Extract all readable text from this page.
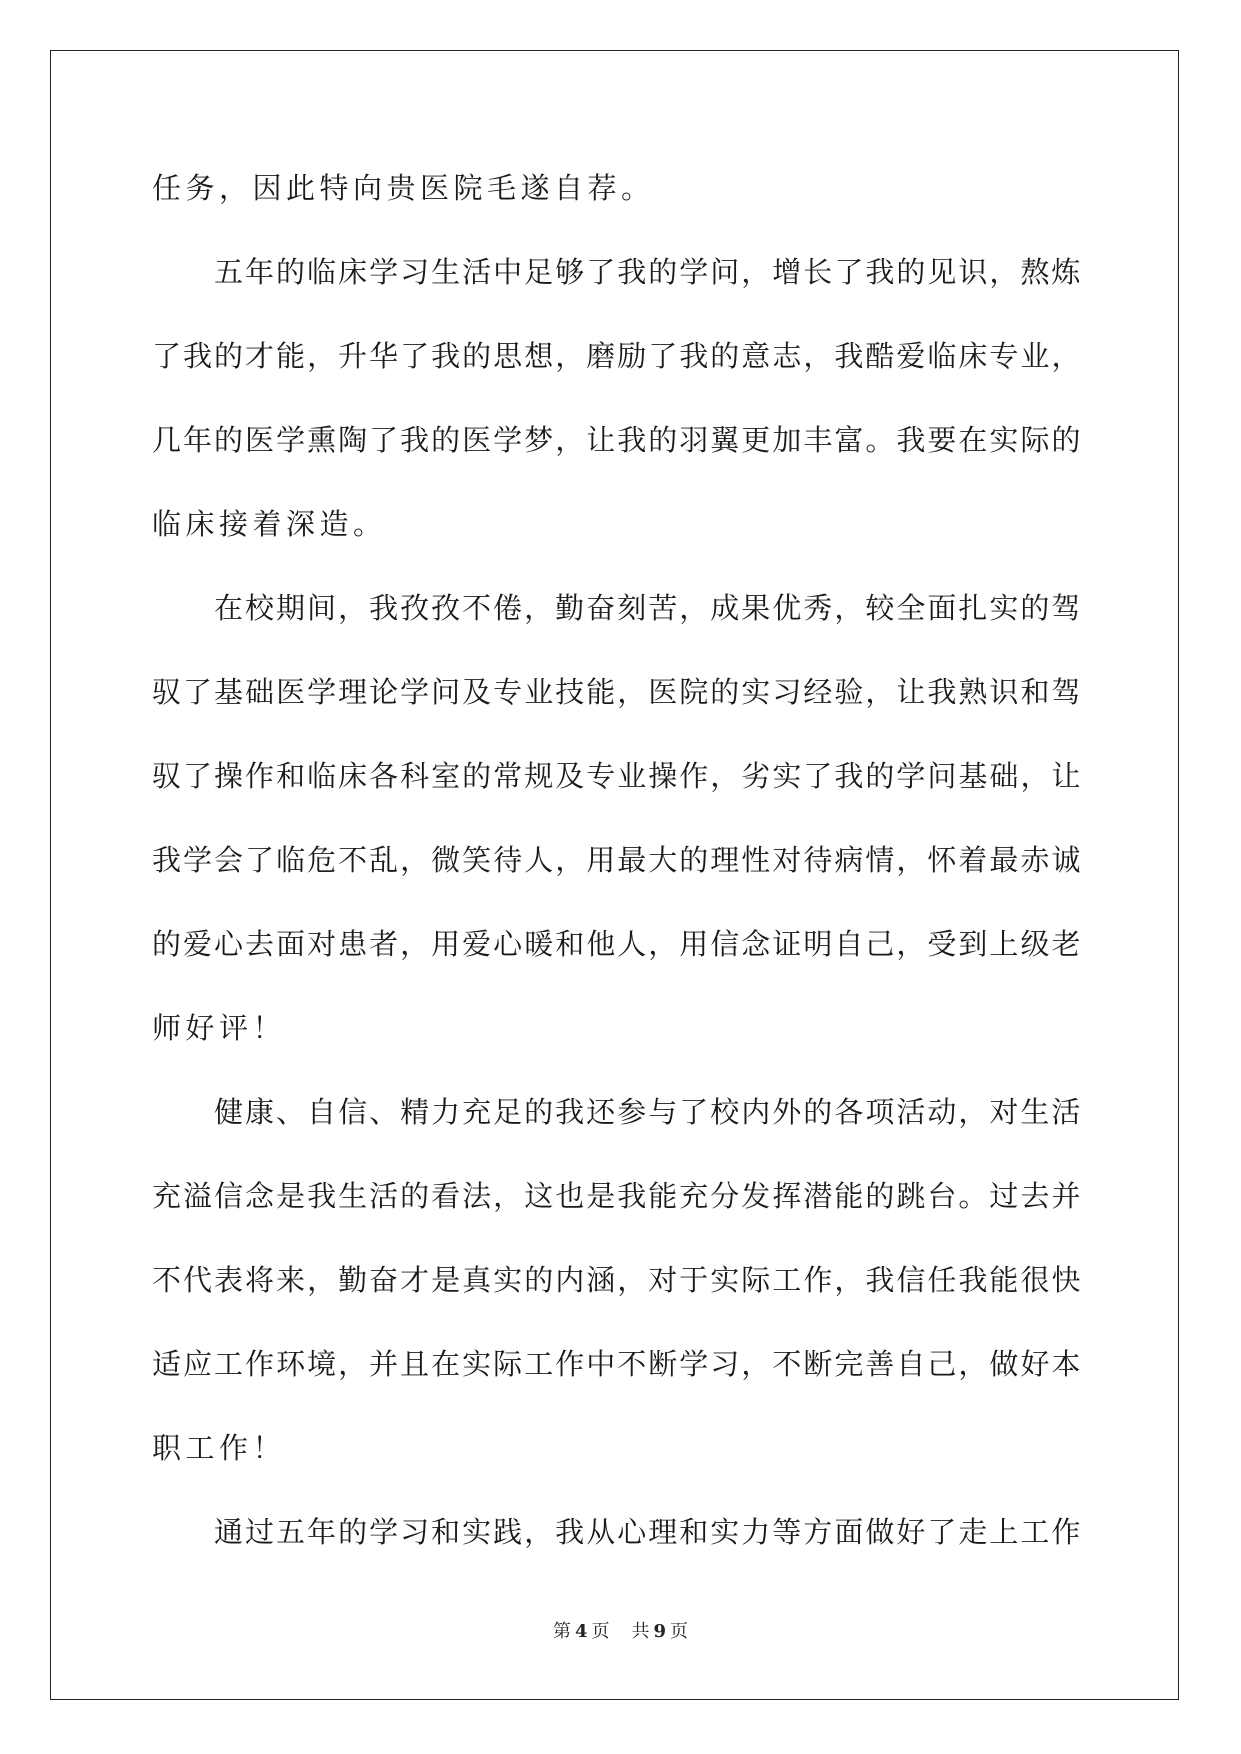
任务，因此特向贵医院毛遂自荐。
五 年 的 临 床 学 习 生 活 中 足 够 了 我 的 学 问 ， 增 长 了 我 的 见 识 ， 熬 炼
了 我 的 才 能 ， 升 华 了 我 的 思 想 ， 磨 励 了 我 的 意 志 ， 我 酷 爱 临 床 专 业 ，
几 年 的 医 学 熏 陶 了 我 的 医 学 梦 ， 让 我 的 羽 翼 更 加 丰 富 。 我 要 在 实 际 的
临床接着深造。
在 校 期 间 ， 我 孜 孜 不 倦 ， 勤 奋 刻 苦 ， 成 果 优 秀 ， 较 全 面 扎 实 的 驾
驭 了 基 础 医 学 理 论 学 问 及 专 业 技 能 ， 医 院 的 实 习 经 验 ， 让 我 熟 识 和 驾
驭 了 操 作 和 临 床 各 科 室 的 常 规 及 专 业 操 作 ， 劣 实 了 我 的 学 问 基 础 ， 让
我 学 会 了 临 危 不 乱 ， 微 笑 待 人 ， 用 最 大 的 理 性 对 待 病 情 ， 怀 着 最 赤 诚
的 爱 心 去 面 对 患 者 ， 用 爱 心 暖 和 他 人 ， 用 信 念 证 明 自 己 ， 受 到 上 级 老
师好评！
健 康 、 自 信 、 精 力 充 足 的 我 还 参 与 了 校 内 外 的 各 项 活 动 ， 对 生 活
充 溢 信 念 是 我 生 活 的 看 法 ， 这 也 是 我 能 充 分 发 挥 潜 能 的 跳 台 。 过 去 并
不 代 表 将 来 ， 勤 奋 才 是 真 实 的 内 涵 ， 对 于 实 际 工 作 ， 我 信 任 我 能 很 快
适 应 工 作 环 境 ， 并 且 在 实 际 工 作 中 不 断 学 习 ， 不 断 完 善 自 己 ， 做 好 本
职工作！
通 过 五 年 的 学 习 和 实 践 ， 我 从 心 理 和 实 力 等 方 面 做 好 了 走 上 工 作
第 4 页 共 9 页
